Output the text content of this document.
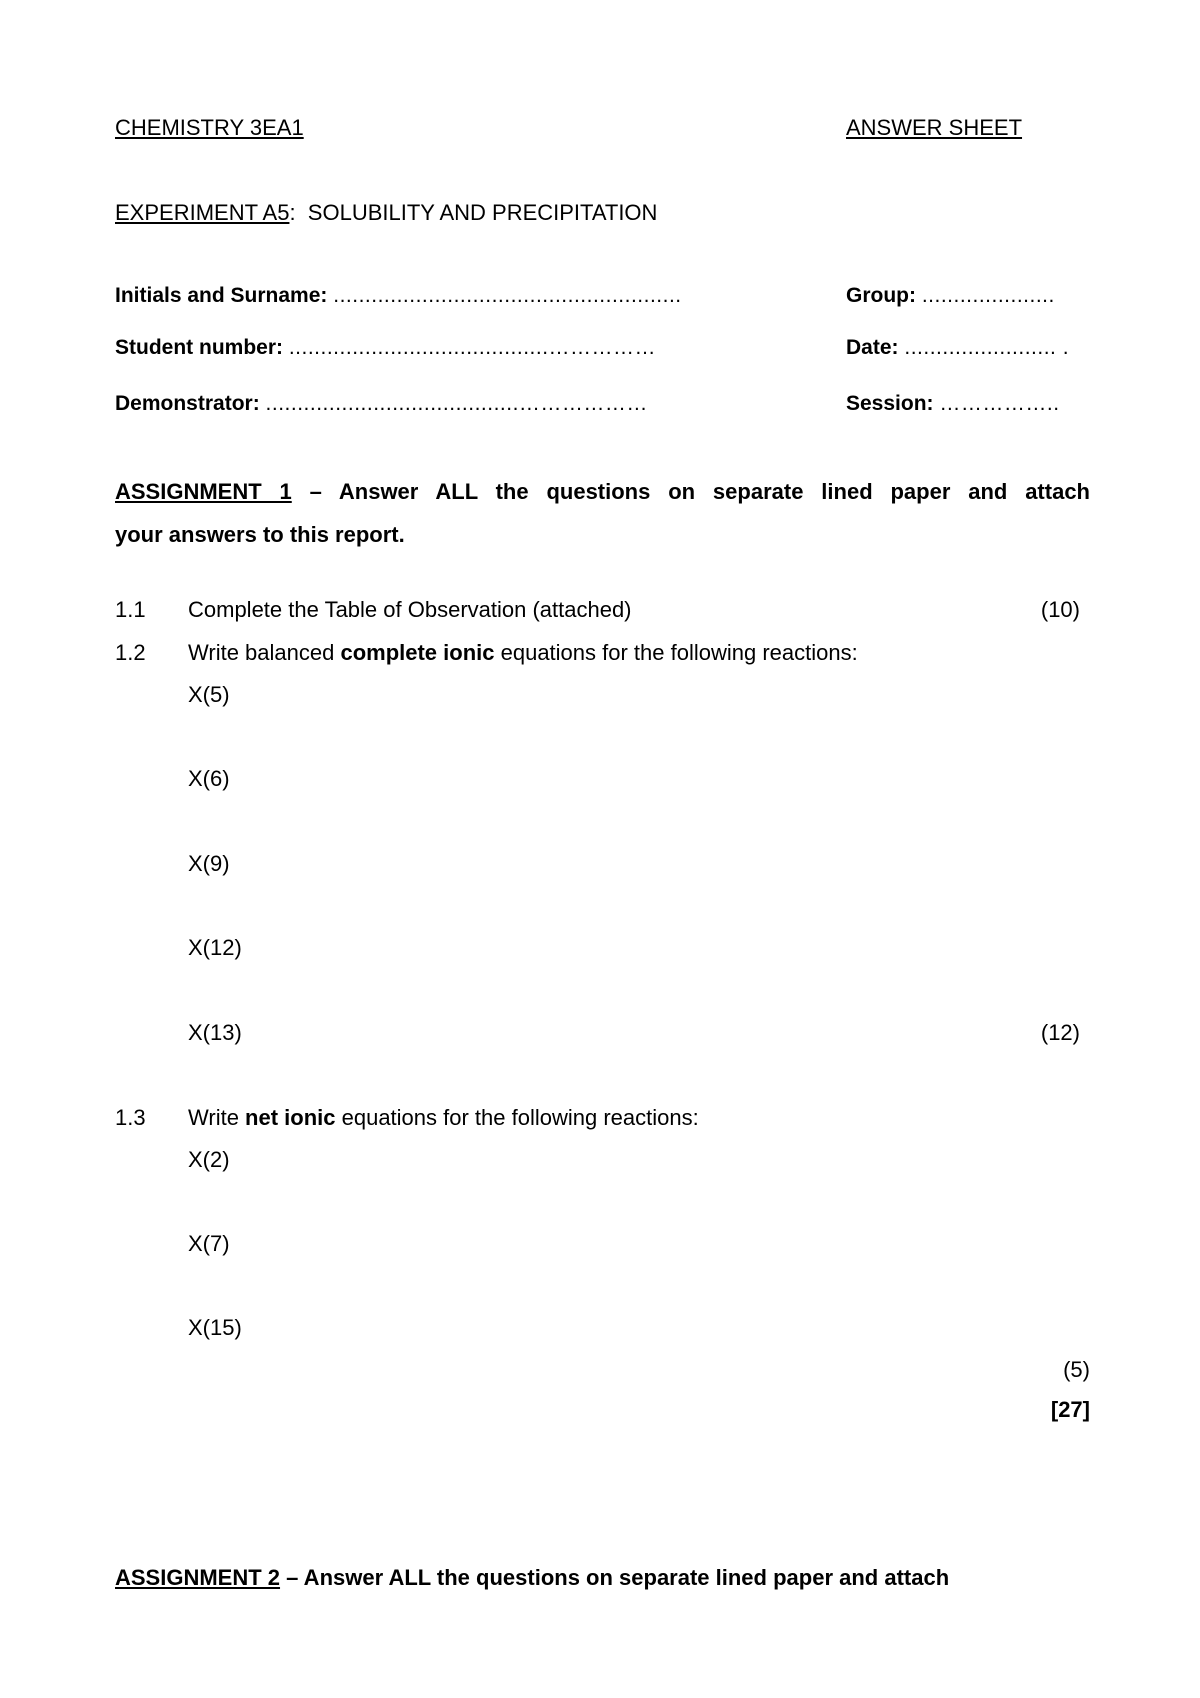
CHEMISTRY 3EA1	ANSWER SHEET
EXPERIMENT A5: SOLUBILITY AND PRECIPITATION
Initials and Surname: .......................................................	Group: .....................
Student number: .........................................……………	Date: ........................ .
Demonstrator: ........................................………………	Session: ……………..
ASSIGNMENT 1 – Answer ALL the questions on separate lined paper and attach
your answers to this report.
1.1 Complete the Table of Observation (attached)	(10)
1.2 Write balanced complete ionic equations for the following reactions:
X(5)
X(6)
X(9)
X(12)
X(13)	(12)
1.3 Write net ionic equations for the following reactions:
X(2)
X(7)
X(15)
(5)
[27]
ASSIGNMENT 2 – Answer ALL the questions on separate lined paper and attach
